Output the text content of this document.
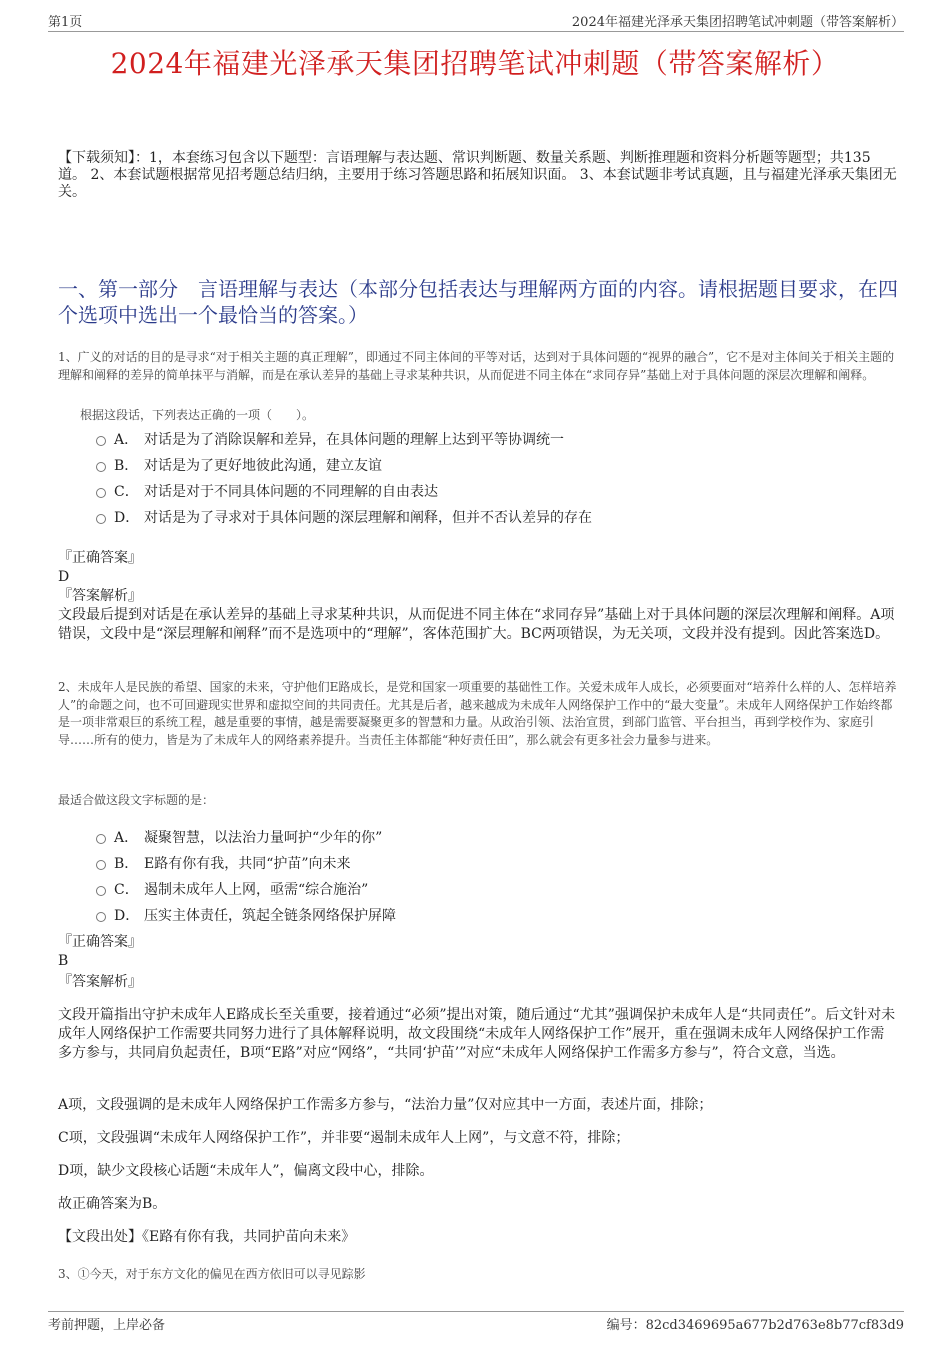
第1页	2024年福建光泽承天集团招聘笔试冲刺题（带答案解析）
2024年福建光泽承天集团招聘笔试冲刺题（带答案解析）
【下载须知】：1，本套练习包含以下题型：言语理解与表达题、常识判断题、数量关系题、判断推理题和资料分析题等题型；共135道。 2、本套试题根据常见招考题总结归纳，主要用于练习答题思路和拓展知识面。 3、本套试题非考试真题，且与福建光泽承天集团无关。
一、第一部分　言语理解与表达（本部分包括表达与理解两方面的内容。请根据题目要求，在四个选项中选出一个最恰当的答案。）
1、广义的对话的目的是寻求“对于相关主题的真正理解”，即通过不同主体间的平等对话，达到对于具体问题的“视界的融合”，它不是对主体间关于相关主题的理解和阐释的差异的简单抹平与消解，而是在承认差异的基础上寻求某种共识，从而促进不同主体在“求同存异”基础上对于具体问题的深层次理解和阐释。
根据这段话，下列表达正确的一项（　　）。
A． 对话是为了消除误解和差异，在具体问题的理解上达到平等协调统一
B． 对话是为了更好地彼此沟通，建立友谊
C． 对话是对于不同具体问题的不同理解的自由表达
D． 对话是为了寻求对于具体问题的深层理解和阐释，但并不否认差异的存在
『正确答案』
D
『答案解析』
文段最后提到对话是在承认差异的基础上寻求某种共识，从而促进不同主体在“求同存异”基础上对于具体问题的深层次理解和阐释。A项错误，文段中是“深层理解和阐释”而不是选项中的“理解”，客体范围扩大。BC两项错误，为无关项，文段并没有提到。因此答案选D。
2、未成年人是民族的希望、国家的未来，守护他们E路成长，是党和国家一项重要的基础性工作。关爱未成年人成长，必须要面对“培养什么样的人、怎样培养人”的命题之问，也不可回避现实世界和虚拟空间的共同责任。尤其是后者，越来越成为未成年人网络保护工作中的“最大变量”。未成年人网络保护工作始终都是一项非常艰巨的系统工程，越是重要的事情，越是需要凝聚更多的智慧和力量。从政治引领、法治宣贯，到部门监管、平台担当，再到学校作为、家庭引导……所有的使力，皆是为了未成年人的网络素养提升。当责任主体都能“种好责任田”，那么就会有更多社会力量参与进来。
最适合做这段文字标题的是：
A． 凝聚智慧，以法治力量呵护“少年的你”
B． E路有你有我，共同“护苗”向未来
C． 遏制未成年人上网，亟需“综合施治”
D． 压实主体责任，筑起全链条网络保护屏障
『正确答案』
B
『答案解析』
文段开篇指出守护未成年人E路成长至关重要，接着通过“必须”提出对策，随后通过“尤其”强调保护未成年人是“共同责任”。后文针对未成年人网络保护工作需要共同努力进行了具体解释说明，故文段围绕“未成年人网络保护工作”展开，重在强调未成年人网络保护工作需多方参与，共同肩负起责任，B项“E路”对应“网络”，“共同‘护苗’”对应“未成年人网络保护工作需多方参与”，符合文意，当选。
A项，文段强调的是未成年人网络保护工作需多方参与，“法治力量”仅对应其中一方面，表述片面，排除；
C项，文段强调“未成年人网络保护工作”，并非要“遏制未成年人上网”，与文意不符，排除；
D项，缺少文段核心话题“未成年人”，偏离文段中心，排除。
故正确答案为B。
【文段出处】《E路有你有我，共同护苗向未来》
3、①今天，对于东方文化的偏见在西方依旧可以寻见踪影
考前押题，上岸必备	编号：82cd3469695a677b2d763e8b77cf83d9
